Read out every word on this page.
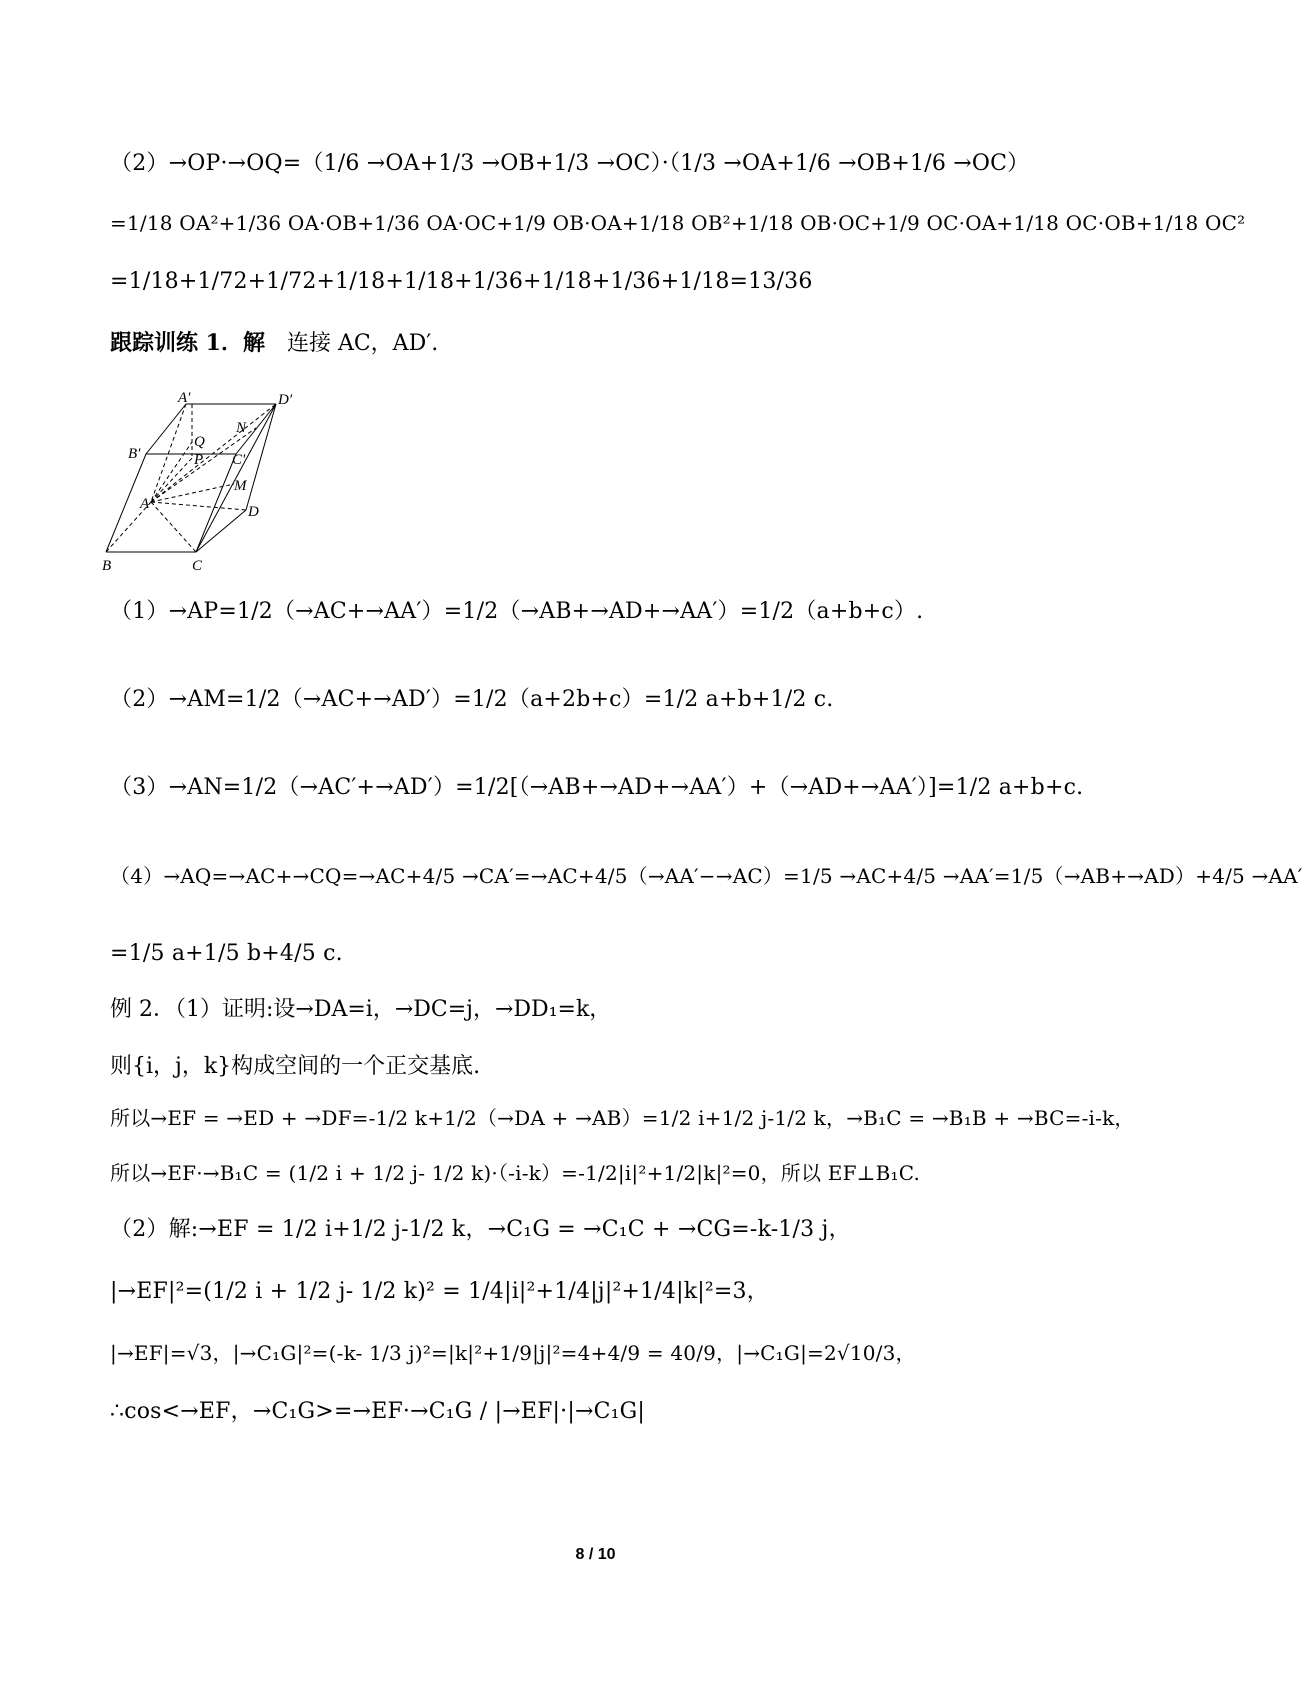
（2）→OP·→OQ=（1/6 →OA+1/3 →OB+1/3 →OC）·（1/3 →OA+1/6 →OB+1/6 →OC）
=1/18 OA²+1/36 OA·OB+1/36 OA·OC+1/9 OB·OA+1/18 OB²+1/18 OB·OC+1/9 OC·OA+1/18 OC·OB+1/18 OC²
=1/18+1/72+1/72+1/18+1/18+1/36+1/18+1/36+1/18=13/36
跟踪训练 1．解　连接 AC，AD′.
A′	D′
B′	C′
Q
P
N
M
A	D
B	C
（1）→AP=1/2（→AC+→AA′）=1/2（→AB+→AD+→AA′）=1/2（a+b+c）.
（2）→AM=1/2（→AC+→AD′）=1/2（a+2b+c）=1/2 a+b+1/2 c.
（3）→AN=1/2（→AC′+→AD′）=1/2[（→AB+→AD+→AA′）+（→AD+→AA′）]=1/2 a+b+c.
（4）→AQ=→AC+→CQ=→AC+4/5 →CA′=→AC+4/5（→AA′−→AC）=1/5 →AC+4/5 →AA′=1/5（→AB+→AD）+4/5 →AA′
=1/5 a+1/5 b+4/5 c.
例 2．（1）证明:设→DA=i，→DC=j，→DD₁=k，
则{i，j，k}构成空间的一个正交基底.
所以→EF = →ED + →DF=-1/2 k+1/2（→DA + →AB）=1/2 i+1/2 j-1/2 k，→B₁C = →B₁B + →BC=-i-k，
所以→EF·→B₁C = (1/2 i + 1/2 j- 1/2 k)·（-i-k）=-1/2|i|²+1/2|k|²=0，所以 EF⊥B₁C.
（2）解:→EF = 1/2 i+1/2 j-1/2 k，→C₁G = →C₁C + →CG=-k-1/3 j，
|→EF|²=(1/2 i + 1/2 j- 1/2 k)² = 1/4|i|²+1/4|j|²+1/4|k|²=3，
|→EF|=√3，|→C₁G|²=(-k- 1/3 j)²=|k|²+1/9|j|²=4+4/9 = 40/9，|→C₁G|=2√10/3，
∴cos<→EF，→C₁G>=→EF·→C₁G / |→EF|·|→C₁G|
8 / 10
